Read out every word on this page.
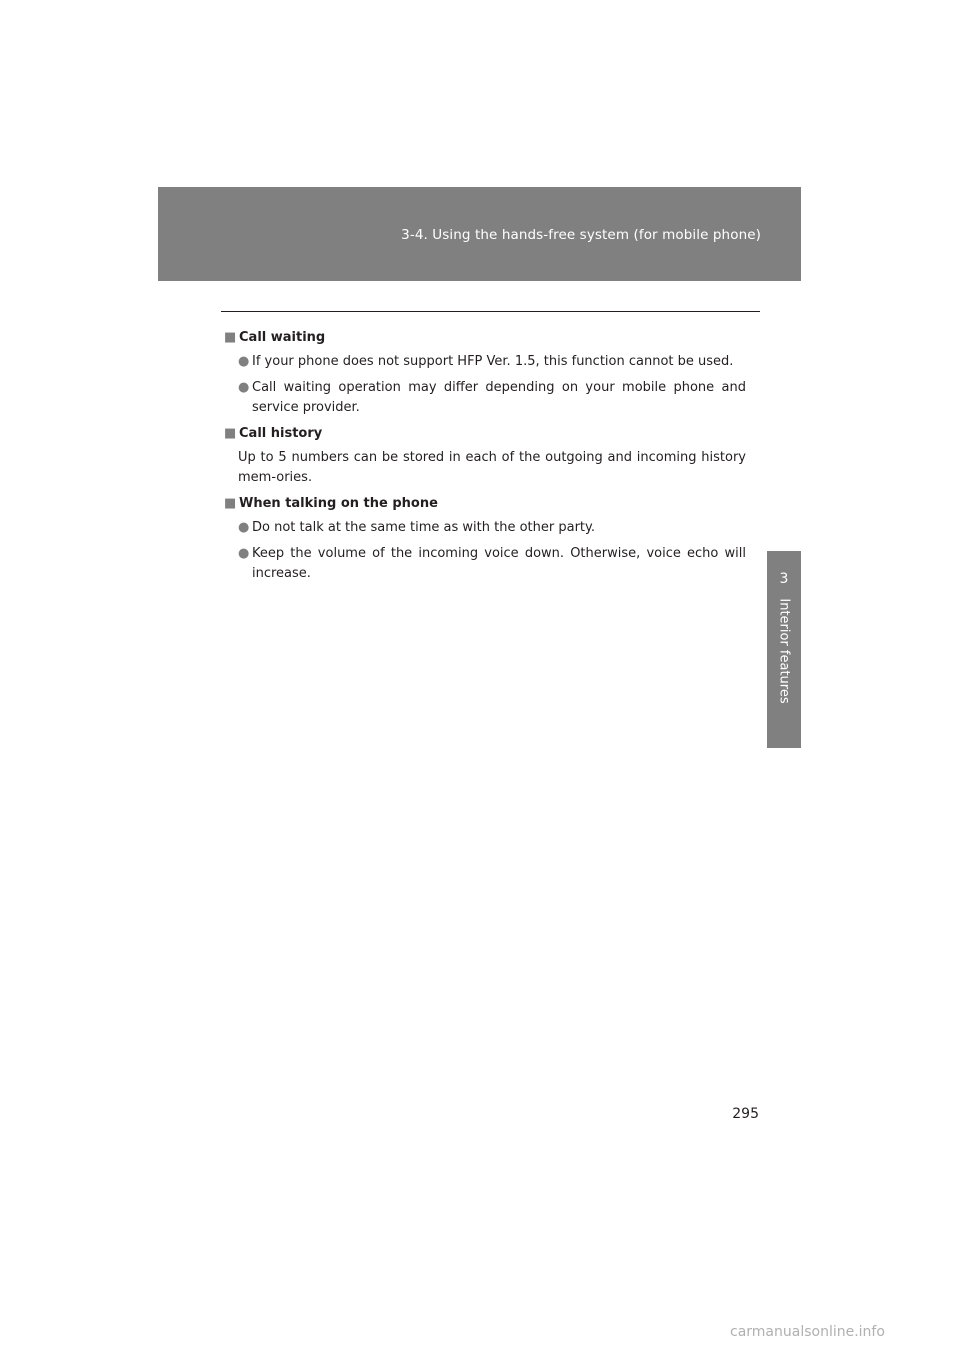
3-4. Using the hands-free system (for mobile phone)
3
Interior features
■ Call waiting
● If your phone does not support HFP Ver. 1.5, this function cannot be used.
● Call waiting operation may differ depending on your mobile phone and service provider.
■ Call history
Up to 5 numbers can be stored in each of the outgoing and incoming history mem-ories.
■ When talking on the phone
● Do not talk at the same time as with the other party.
● Keep the volume of the incoming voice down. Otherwise, voice echo will increase.
295
carmanualsonline.info
